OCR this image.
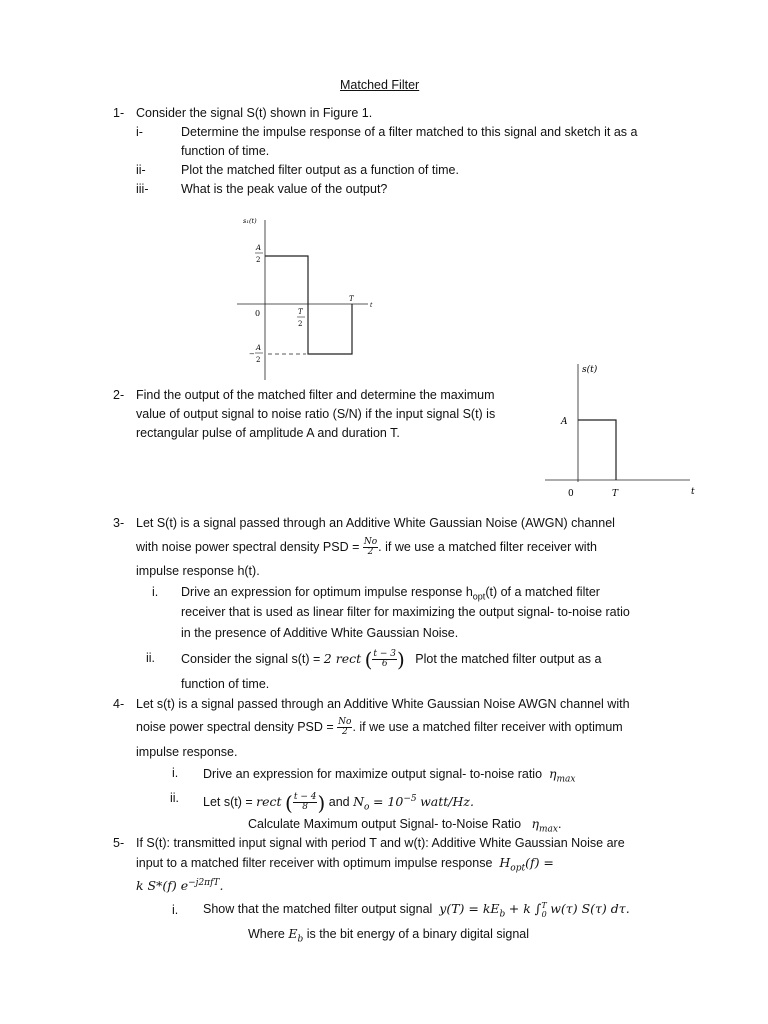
Matched Filter
1- Consider the signal S(t) shown in Figure 1.
i-	Determine the impulse response of a filter matched to this signal and sketch it as a
function of time.
ii-	Plot the matched filter output as a function of time.
iii-	What is the peak value of the output?
s₁(t)
A
2
0	T
2
T
t
−
A
2
2- Find the output of the matched filter and determine the maximum
value of output signal to noise ratio (S/N) if the input signal S(t) is
rectangular pulse of amplitude A and duration T.
s(t)
A
0	T	t
3- Let S(t) is a signal passed through an Additive White Gaussian Noise (AWGN) channel
with noise power spectral density PSD = $\frac{No}{2}$ . if we use a matched filter receiver with
impulse response h(t).
i. Drive an expression for optimum impulse response $h_{opt}(t)$ of a matched filter
receiver that is used as linear filter for maximizing the output signal- to-noise ratio
in the presence of Additive White Gaussian Noise.
ii. Consider the signal s(t) = 2 rect ( $\frac{t - 3}{6}$ ) Plot the matched filter output as a
function of time.
4- Let s(t) is a signal passed through an Additive White Gaussian Noise AWGN channel with
noise power spectral density PSD = $\frac{No}{2}$ . if we use a matched filter receiver with optimum
impulse response.
i. Drive an expression for maximize output signal- to-noise ratio $\eta_{max}$
ii. Let s(t) = rect ( $\frac{t - 4}{8}$ ) and $N_o = 10^{-5}$ watt/Hz.
Calculate Maximum output Signal- to-Noise Ratio $\eta_{max}$.
5- If S(t): transmitted input signal with period T and w(t): Additive White Gaussian Noise are
input to a matched filter receiver with optimum impulse response $H_{opt}(f)$ =
k S*(f) $e^{-j2\pi fT}$.
i. Show that the matched filter output signal $y(T) = kE_b + k$ ∫$^T_0$ w(τ) S(τ) dτ.
Where $E_b$ is the bit energy of a binary digital signal
